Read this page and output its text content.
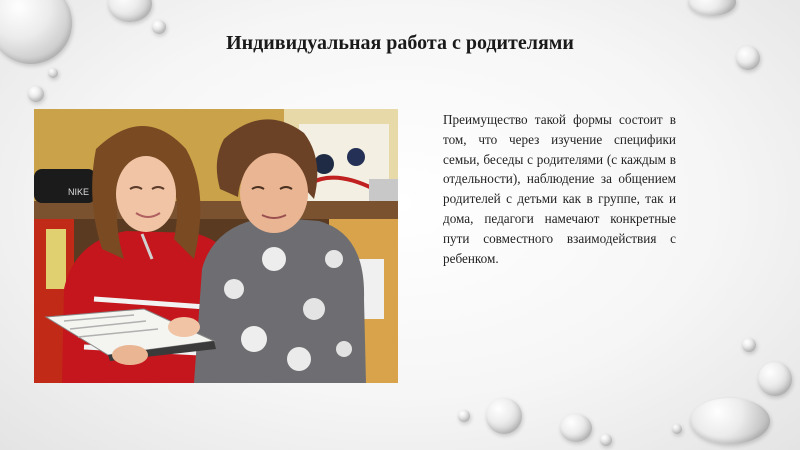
Индивидуальная работа с родителями
NIKE

Преимущество такой формы состоит в том, что через изучение специфики семьи, беседы с родителями (с каждым в отдельности), наблюдение за общением родителей с детьми как в группе, так и дома, педагоги намечают конкретные пути совместного взаимодействия с ребенком.
